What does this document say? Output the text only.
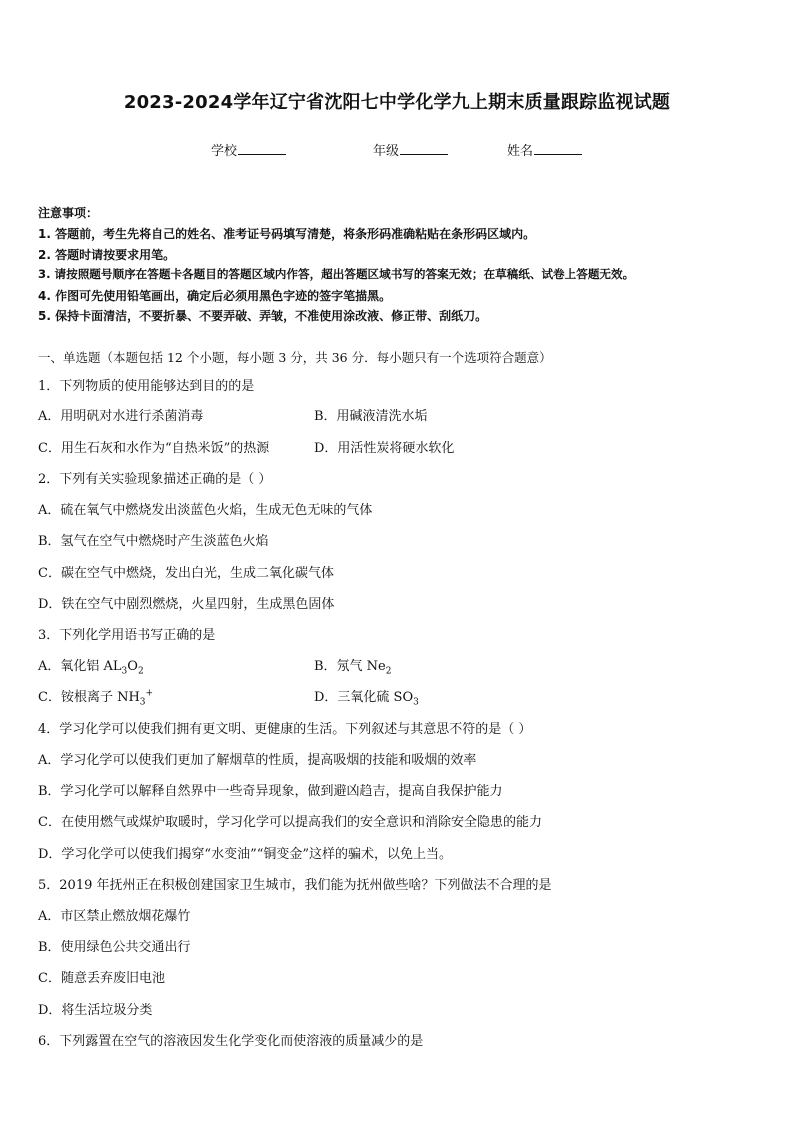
2023-2024学年辽宁省沈阳七中学化学九上期末质量跟踪监视试题
学校	年级	姓名
注意事项：
1. 答题前，考生先将自己的姓名、准考证号码填写清楚，将条形码准确粘贴在条形码区域内。
2. 答题时请按要求用笔。
3. 请按照题号顺序在答题卡各题目的答题区域内作答，超出答题区域书写的答案无效；在草稿纸、试卷上答题无效。
4. 作图可先使用铅笔画出，确定后必须用黑色字迹的签字笔描黑。
5. 保持卡面清洁，不要折暴、不要弄破、弄皱，不准使用涂改液、修正带、刮纸刀。
一、单选题（本题包括 12 个小题，每小题 3 分，共 36 分．每小题只有一个选项符合题意）
1．下列物质的使用能够达到目的的是
A．用明矾对水进行杀菌消毒	B．用碱液清洗水垢
C．用生石灰和水作为“自热米饭”的热源	D．用活性炭将硬水软化
2．下列有关实验现象描述正确的是（ ）
A．硫在氧气中燃烧发出淡蓝色火焰，生成无色无味的气体
B．氢气在空气中燃烧时产生淡蓝色火焰
C．碳在空气中燃烧，发出白光，生成二氧化碳气体
D．铁在空气中剧烈燃烧，火星四射，生成黑色固体
3．下列化学用语书写正确的是
A．氧化铝 $AL_3O_2$	B．氖气 $Ne_2$
C．铵根离子 $NH_3^+$	D．三氧化硫 $SO_3$
4．学习化学可以使我们拥有更文明、更健康的生活。下列叙述与其意思不符的是（ ）
A．学习化学可以使我们更加了解烟草的性质，提高吸烟的技能和吸烟的效率
B．学习化学可以解释自然界中一些奇异现象，做到避凶趋吉，提高自我保护能力
C．在使用燃气或煤炉取暖时，学习化学可以提高我们的安全意识和消除安全隐患的能力
D．学习化学可以使我们揭穿“水变油”“铜变金”这样的骗术，以免上当。
5．2019 年抚州正在积极创建国家卫生城市，我们能为抚州做些啥？下列做法不合理的是
A．市区禁止燃放烟花爆竹
B．使用绿色公共交通出行
C．随意丢弃废旧电池
D．将生活垃圾分类
6．下列露置在空气的溶液因发生化学变化而使溶液的质量减少的是
